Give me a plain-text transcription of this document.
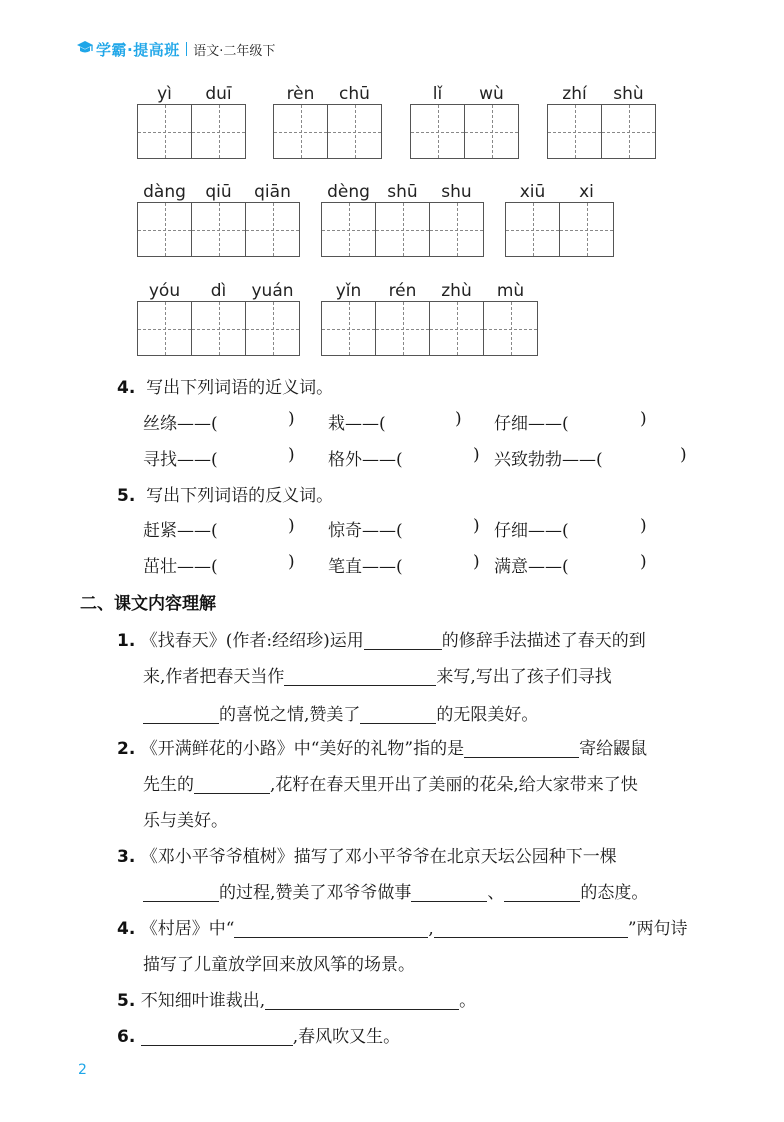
学霸·提高班 语文·二年级下
yì	duī	rèn	chū	lǐ	wù	zhí	shù
dàng	qiū	qiān	dèng	shū	shu	xiū	xi
yóu	dì	yuán	yǐn	rén	zhù	mù
4. 写出下列词语的近义词。
丝绦——(	) 栽——(	) 仔细——(	)
寻找——(	) 格外——(	) 兴致勃勃——(	)
5. 写出下列词语的反义词。
赶紧——(	) 惊奇——(	) 仔细——(	)
茁壮——(	) 笔直——(	) 满意——(	)
二、课文内容理解
1. 《找春天》(作者:经绍珍)运用	的修辞手法描述了春天的到
来,作者把春天当作	来写,写出了孩子们寻找
的喜悦之情,赞美了	的无限美好。
2. 《开满鲜花的小路》中“美好的礼物”指的是	寄给鼹鼠
先生的	,花籽在春天里开出了美丽的花朵,给大家带来了快
乐与美好。
3. 《邓小平爷爷植树》描写了邓小平爷爷在北京天坛公园种下一棵
的过程,赞美了邓爷爷做事	、	的态度。
4. 《村居》中“	,	”两句诗
描写了儿童放学回来放风筝的场景。
5. 不知细叶谁裁出,	。
6.	,春风吹又生。
2
